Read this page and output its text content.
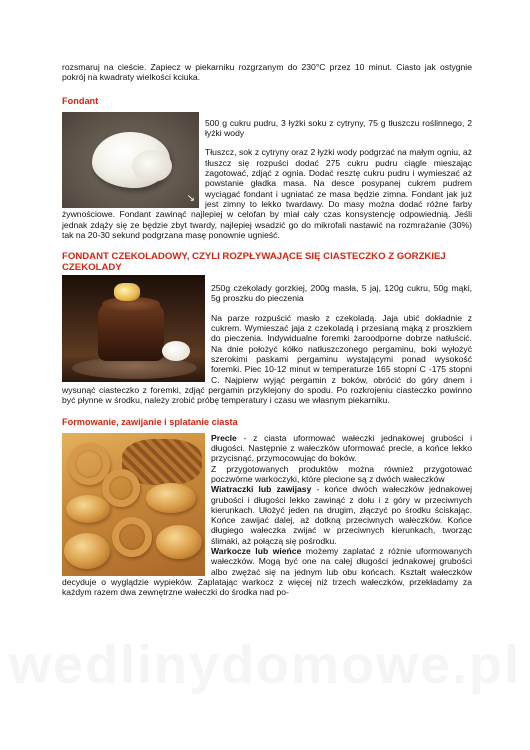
rozsmaruj na cieście. Zapiecz w piekarniku rozgrzanym do 230°C przez 10 minut. Ciasto jak ostygnie pokrój na kwadraty wielkości kciuka.

Fondant
↘

500 g cukru pudru, 3 łyżki soku z cytryny, 75 g tłuszczu roślinnego, 2 łyżki wody

Tłuszcz, sok z cytryny oraz 2 łyżki wody podgrzać na małym ogniu, aż tłuszcz się rozpuści dodać 275 cukru pudru ciągle mieszając zagotować, zdjąć z ognia. Dodać resztę cukru pudru i wymieszać aż powstanie gładka masa. Na desce posypanej cukrem pudrem wyciągać fondant i ugniatać ze masa będzie zimna. Fondant jak już jest zimny to lekko twardawy. Do masy można dodać różne farby żywnościowe. Fondant zawinąć najlepiej w celofan by miał cały czas konsystencję odpowiednią. Jeśli jednak zdąży się ze będzie zbyt twardy, najlepiej wsadzić go do mikrofali nastawić na rozmrażanie (30%) tak na 20-30 sekund podgrzana masę ponownie ugnieść.

FONDANT CZEKOLADOWY, CZYLI ROZPŁYWAJĄCE SIĘ CIASTECZKO Z GORZKIEJ CZEKOLADY

250g czekolady gorzkiej, 200g masła, 5 jaj, 120g cukru, 50g mąki, 5g proszku do pieczenia

Na parze rozpuścić masło z czekoladą. Jaja ubić dokładnie z cukrem. Wymieszać jaja z czekoladą i przesianą mąką z proszkiem do pieczenia. Indywidualne foremki żaroodporne dobrze natłuścić. Na dnie położyć kółko natłuszczonego pergaminu, boki wyłożyć szerokimi paskami pergaminu wystającymi ponad wysokość foremki. Piec 10-12 minut w temperaturze 165 stopni C -175 stopni C. Najpierw wyjąć pergamin z boków, obrócić do góry dnem i wysunąć ciasteczko z foremki, zdjąć pergamin przyklejony do spodu. Po rozkrojeniu ciasteczko powinno być płynne w środku, należy zrobić próbę temperatury i czasu we własnym piekarniku.

Formowanie, zawijanie i splatanie ciasta

Precle - z ciasta uformować wałeczki jednakowej grubości i długości. Następnie z wałeczków uformować precle, a końce lekko przycisnąć, przymocowując do boków.

Z przygotowanych produktów można również przygotować poczwórne warkoczyki, które plecione są z dwóch wałeczków

Wiatraczki lub zawijasy - końce dwóch wałeczków jednakowej grubości i długości lekko zawinąć z dołu i z góry w przeciwnych kierunkach. Ułożyć jeden na drugim, złączyć po środku ściskając. Końce zawijać dalej, aż dotkną przeciwnych wałeczków. Końce długiego wałeczka zwijać w przeciwnych kierunkach, tworząc ślimaki, aż połączą się pośrodku.

Warkocze lub wieńce możemy zaplatać z różnie uformowanych wałeczków. Mogą być one na całej długości jednakowej grubości albo zwężać się na jednym lub obu końcach. Kształt wałeczków decyduje o wyglądzie wypieków. Zaplatając warkocz z więcej niż trzech wałeczków, przekładamy za każdym razem dwa zewnętrzne wałeczki do środka nad po-

wedlinydomowe.pl
